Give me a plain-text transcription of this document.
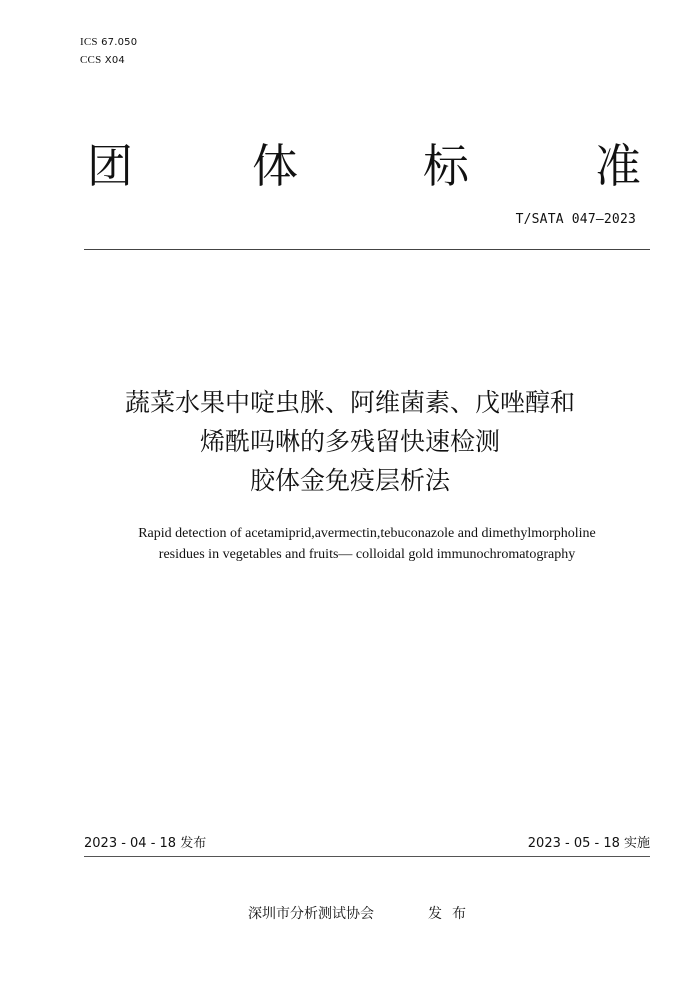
ICS 67.050
CCS X04
团	体	标	准
T/SATA 047—2023
蔬菜水果中啶虫脒、阿维菌素、戊唑醇和
烯酰吗啉的多残留快速检测
胶体金免疫层析法
Rapid detection of acetamiprid,avermectin,tebuconazole and dimethylmorpholine
residues in vegetables and fruits— colloidal gold immunochromatography
2023 - 04 - 18 发布	2023 - 05 - 18 实施
深圳市分析测试协会	发布
